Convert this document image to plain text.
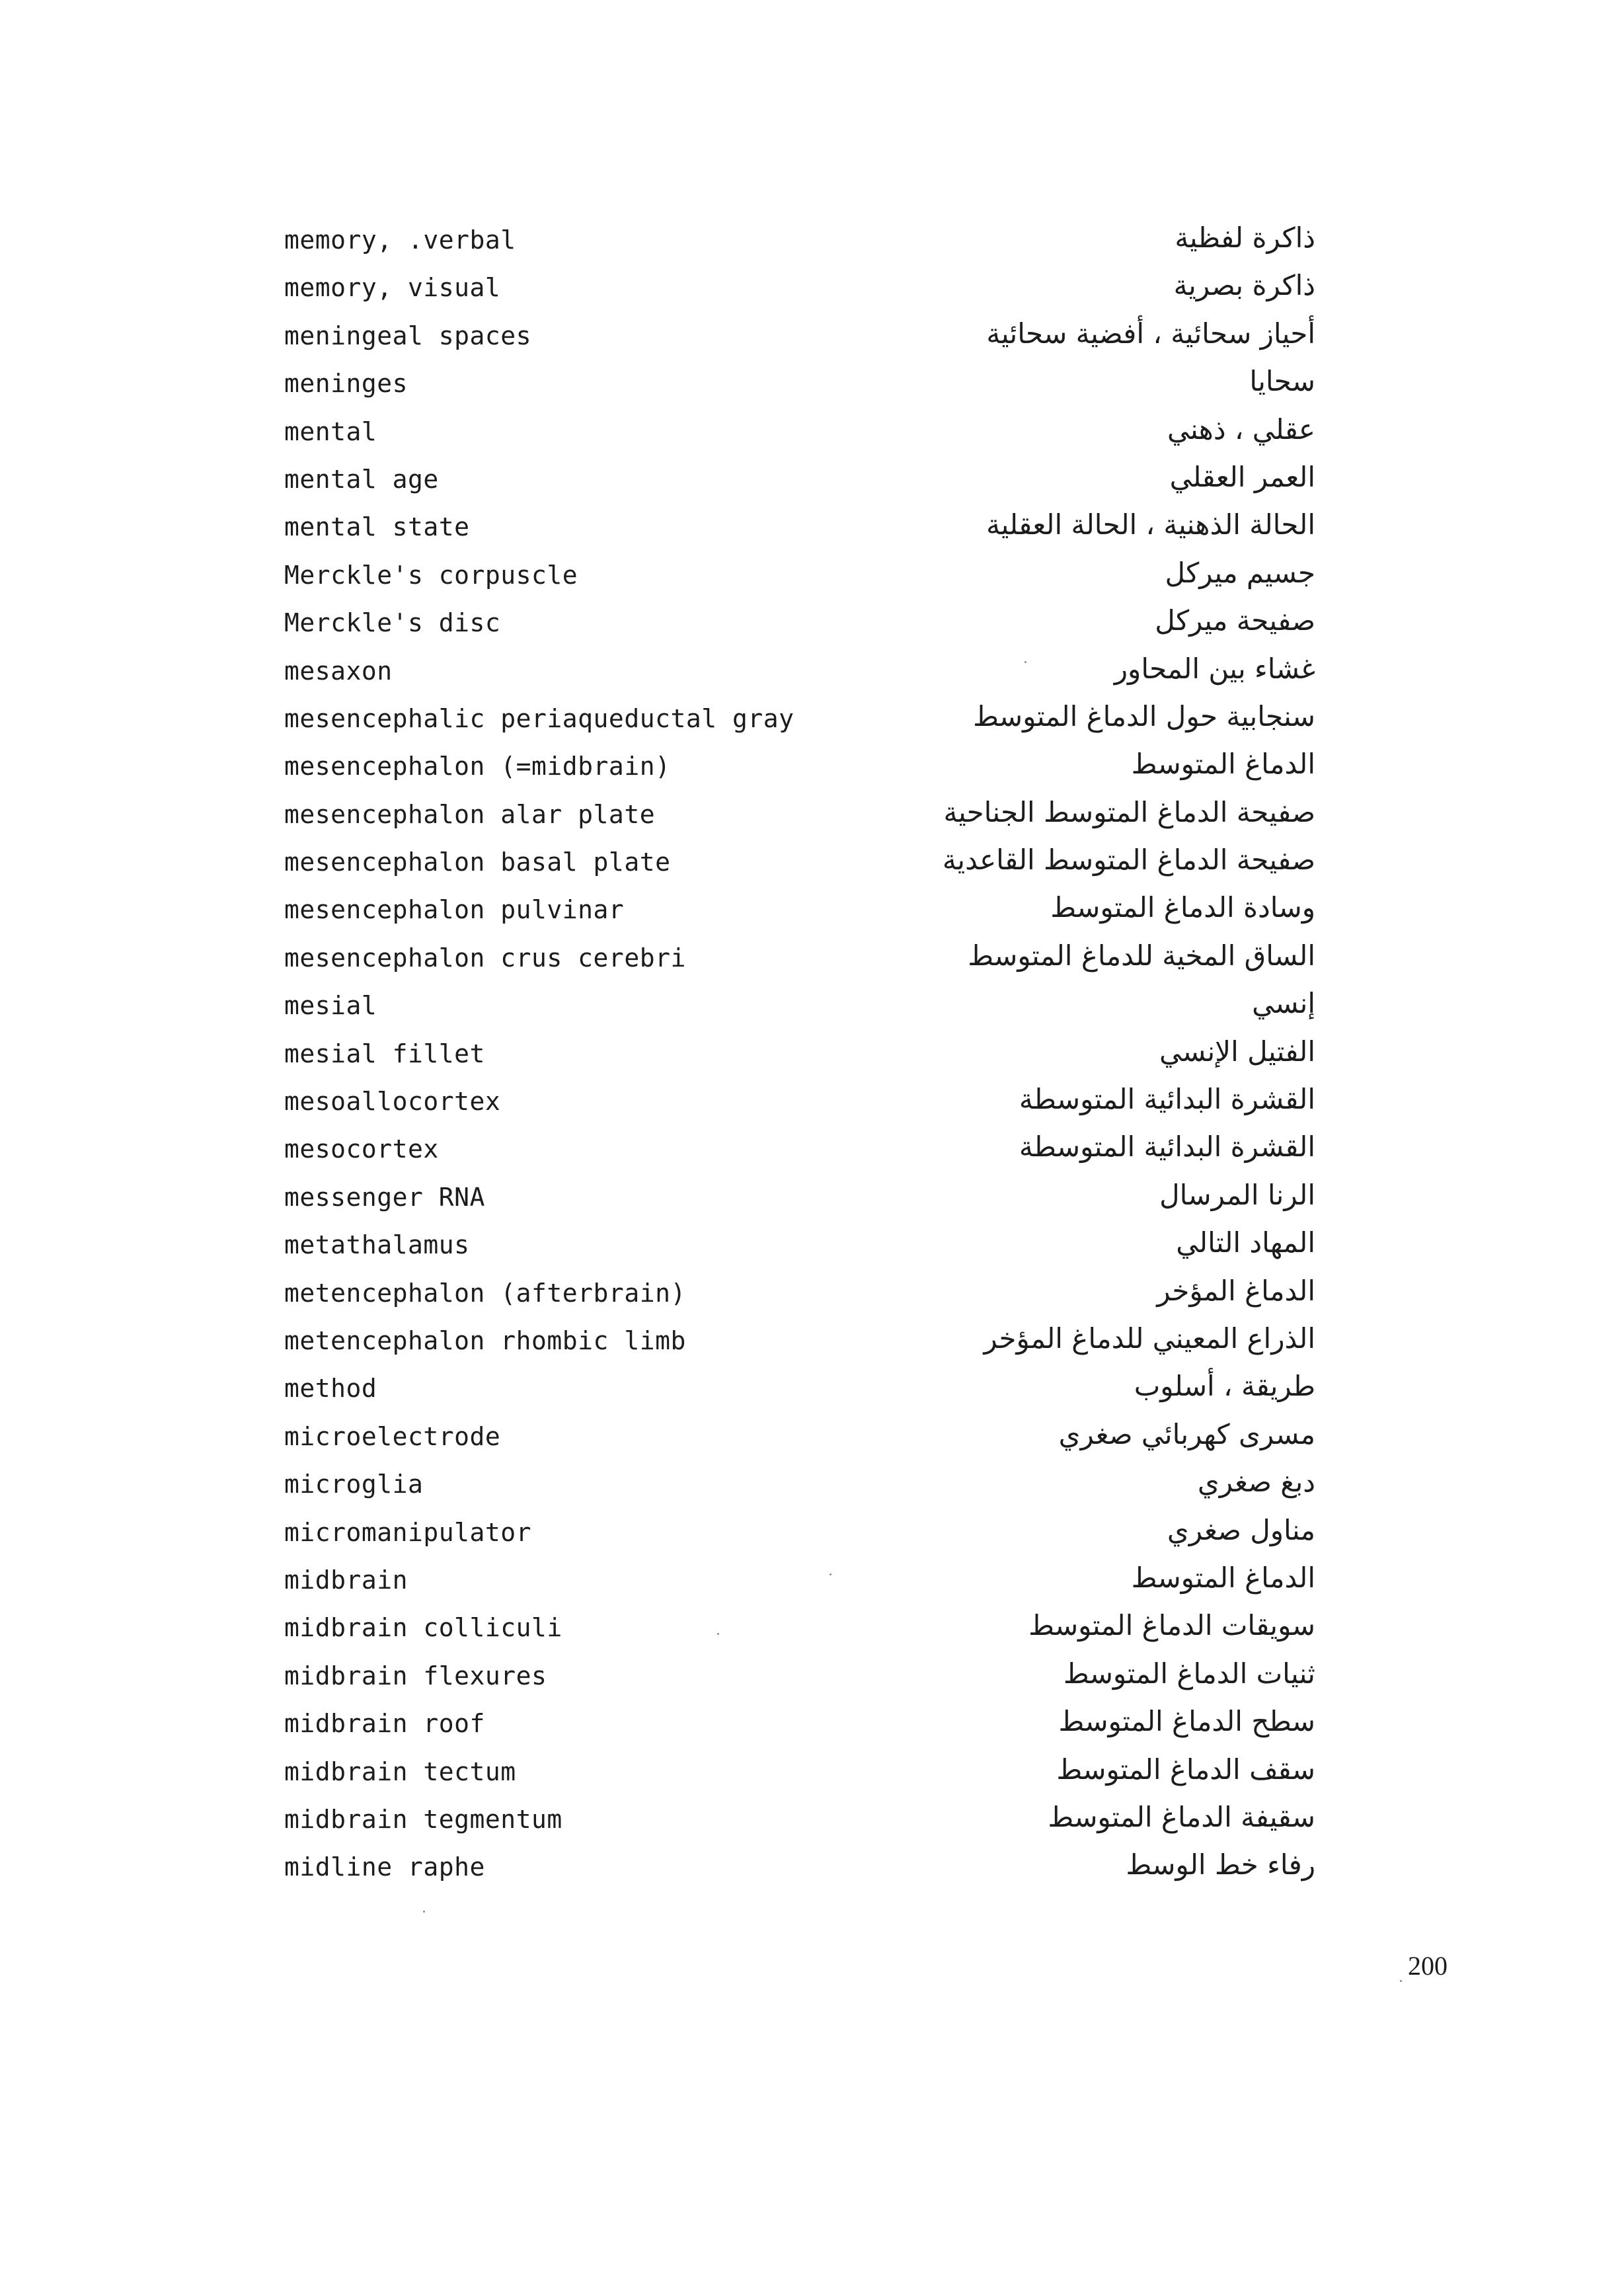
memory, .verbal	ذاكرة لفظية
memory, visual	ذاكرة بصرية
meningeal spaces	أحياز سحائية ، أفضية سحائية
meninges	سحايا
mental	عقلي ، ذهني
mental age	العمر العقلي
mental state	الحالة الذهنية ، الحالة العقلية
Merckle's corpuscle	جسيم ميركل
Merckle's disc	صفيحة ميركل
mesaxon	غشاء بين المحاور
mesencephalic periaqueductal gray	سنجابية حول الدماغ المتوسط
mesencephalon (=midbrain)	الدماغ المتوسط
mesencephalon alar plate	صفيحة الدماغ المتوسط الجناحية
mesencephalon basal plate	صفيحة الدماغ المتوسط القاعدية
mesencephalon pulvinar	وسادة الدماغ المتوسط
mesencephalon crus cerebri	الساق المخية للدماغ المتوسط
mesial	إنسي
mesial fillet	الفتيل الإنسي
mesoallocortex	القشرة البدائية المتوسطة
mesocortex	القشرة البدائية المتوسطة
messenger RNA	الرنا المرسال
metathalamus	المهاد التالي
metencephalon (afterbrain)	الدماغ المؤخر
metencephalon rhombic limb	الذراع المعيني للدماغ المؤخر
method	طريقة ، أسلوب
microelectrode	مسرى كهربائي صغري
microglia	دبغ صغري
micromanipulator	مناول صغري
midbrain	الدماغ المتوسط
midbrain colliculi	سويقات الدماغ المتوسط
midbrain flexures	ثنيات الدماغ المتوسط
midbrain roof	سطح الدماغ المتوسط
midbrain tectum	سقف الدماغ المتوسط
midbrain tegmentum	سقيفة الدماغ المتوسط
midline raphe	رفاء خط الوسط
200
